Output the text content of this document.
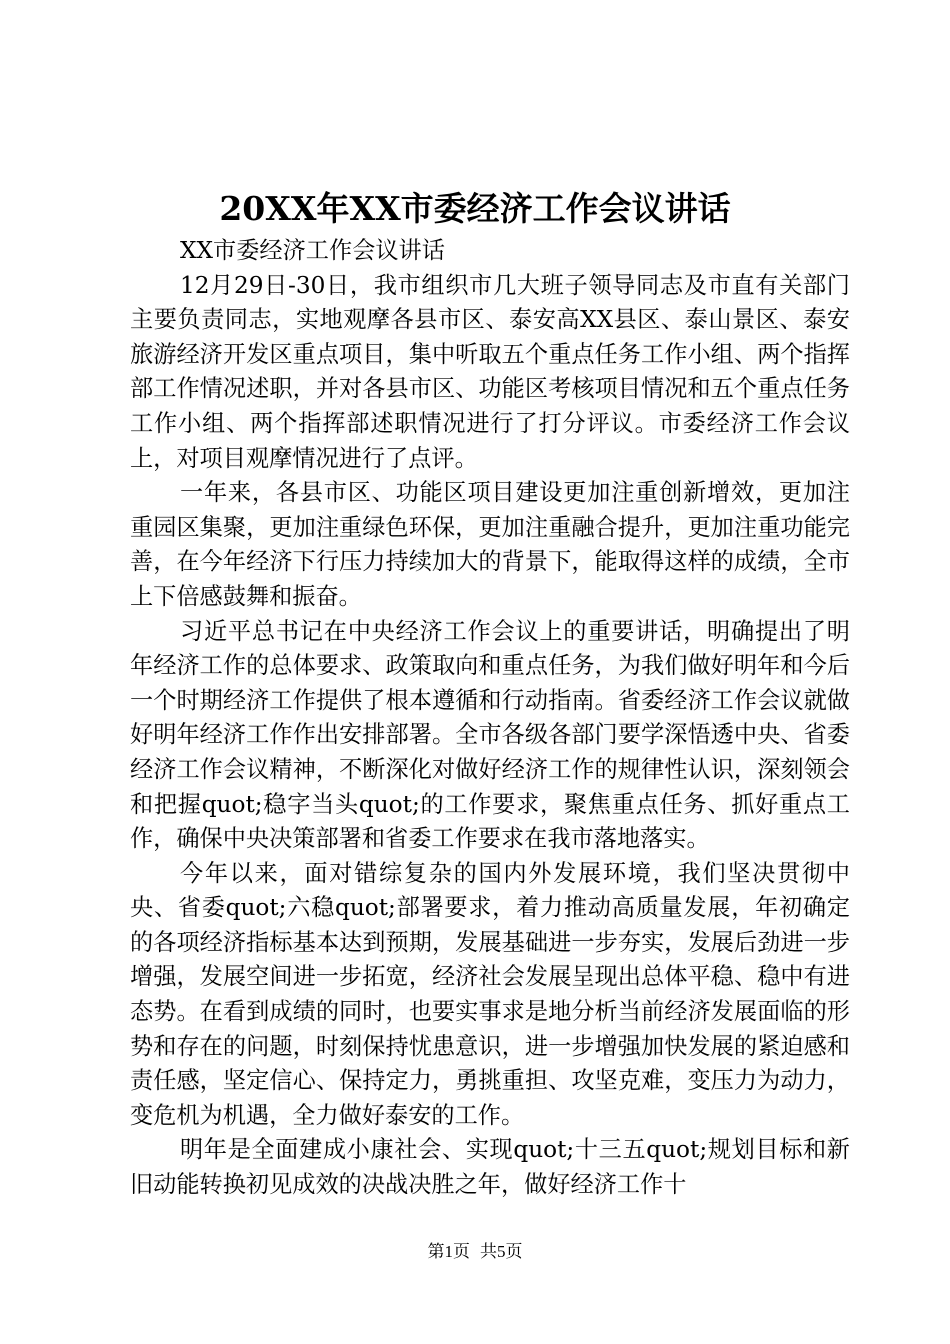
20XX年XX市委经济工作会议讲话

XX市委经济工作会议讲话

12月29日-30日，我市组织市几大班子领导同志及市直有关部门主要负责同志，实地观摩各县市区、泰安高XX县区、泰山景区、泰安旅游经济开发区重点项目，集中听取五个重点任务工作小组、两个指挥部工作情况述职，并对各县市区、功能区考核项目情况和五个重点任务工作小组、两个指挥部述职情况进行了打分评议。市委经济工作会议上，对项目观摩情况进行了点评。

一年来，各县市区、功能区项目建设更加注重创新增效，更加注重园区集聚，更加注重绿色环保，更加注重融合提升，更加注重功能完善，在今年经济下行压力持续加大的背景下，能取得这样的成绩，全市上下倍感鼓舞和振奋。

习近平总书记在中央经济工作会议上的重要讲话，明确提出了明年经济工作的总体要求、政策取向和重点任务，为我们做好明年和今后一个时期经济工作提供了根本遵循和行动指南。省委经济工作会议就做好明年经济工作作出安排部署。全市各级各部门要学深悟透中央、省委经济工作会议精神，不断深化对做好经济工作的规律性认识，深刻领会和把握quot;稳字当头quot;的工作要求，聚焦重点任务、抓好重点工作，确保中央决策部署和省委工作要求在我市落地落实。

今年以来，面对错综复杂的国内外发展环境，我们坚决贯彻中央、省委quot;六稳quot;部署要求，着力推动高质量发展，年初确定的各项经济指标基本达到预期，发展基础进一步夯实，发展后劲进一步增强，发展空间进一步拓宽，经济社会发展呈现出总体平稳、稳中有进态势。在看到成绩的同时，也要实事求是地分析当前经济发展面临的形势和存在的问题，时刻保持忧患意识，进一步增强加快发展的紧迫感和责任感，坚定信心、保持定力，勇挑重担、攻坚克难，变压力为动力，变危机为机遇，全力做好泰安的工作。

明年是全面建成小康社会、实现quot;十三五quot;规划目标和新旧动能转换初见成效的决战决胜之年，做好经济工作十

第1页 共5页
